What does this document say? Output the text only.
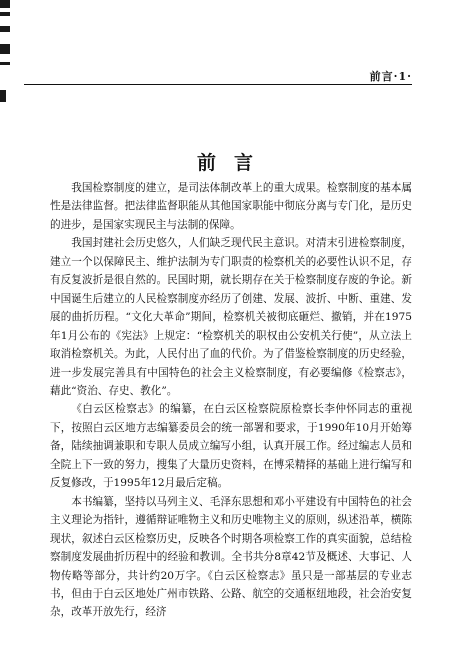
前言·1·
前言

我国检察制度的建立，是司法体制改革上的重大成果。检察制度的基本属性是法律监督。把法律监督职能从其他国家职能中彻底分离与专门化，是历史的进步，是国家实现民主与法制的保障。

我国封建社会历史悠久，人们缺乏现代民主意识。对清末引进检察制度，建立一个以保障民主、维护法制为专门职责的检察机关的必要性认识不足，存有反复波折是很自然的。民国时期，就长期存在关于检察制度存废的争论。新中国诞生后建立的人民检察制度亦经历了创建、发展、波折、中断、重建、发展的曲折历程。“文化大革命”期间，检察机关被彻底砸烂、撤销，并在1975年1月公布的《宪法》上规定：“检察机关的职权由公安机关行使”，从立法上取消检察机关。为此，人民付出了血的代价。为了借鉴检察制度的历史经验，进一步发展完善具有中国特色的社会主义检察制度，有必要编修《检察志》，藉此“资治、存史、教化”。

《白云区检察志》的编纂，在白云区检察院原检察长李仲怀同志的重视下，按照白云区地方志编纂委员会的统一部署和要求，于1990年10月开始筹备，陆续抽调兼职和专职人员成立编写小组，认真开展工作。经过编志人员和全院上下一致的努力，搜集了大量历史资料，在博采精择的基础上进行编写和反复修改，于1995年12月最后定稿。

本书编纂，坚持以马列主义、毛泽东思想和邓小平建设有中国特色的社会主义理论为指针，遵循辩证唯物主义和历史唯物主义的原则，纵述沿革，横陈现状，叙述白云区检察历史，反映各个时期各项检察工作的真实面貌，总结检察制度发展曲折历程中的经验和教训。全书共分8章42节及概述、大事记、人物传略等部分，共计约20万字。《白云区检察志》虽只是一部基层的专业志书，但由于白云区地处广州市铁路、公路、航空的交通枢纽地段，社会治安复杂，改革开放先行，经济
